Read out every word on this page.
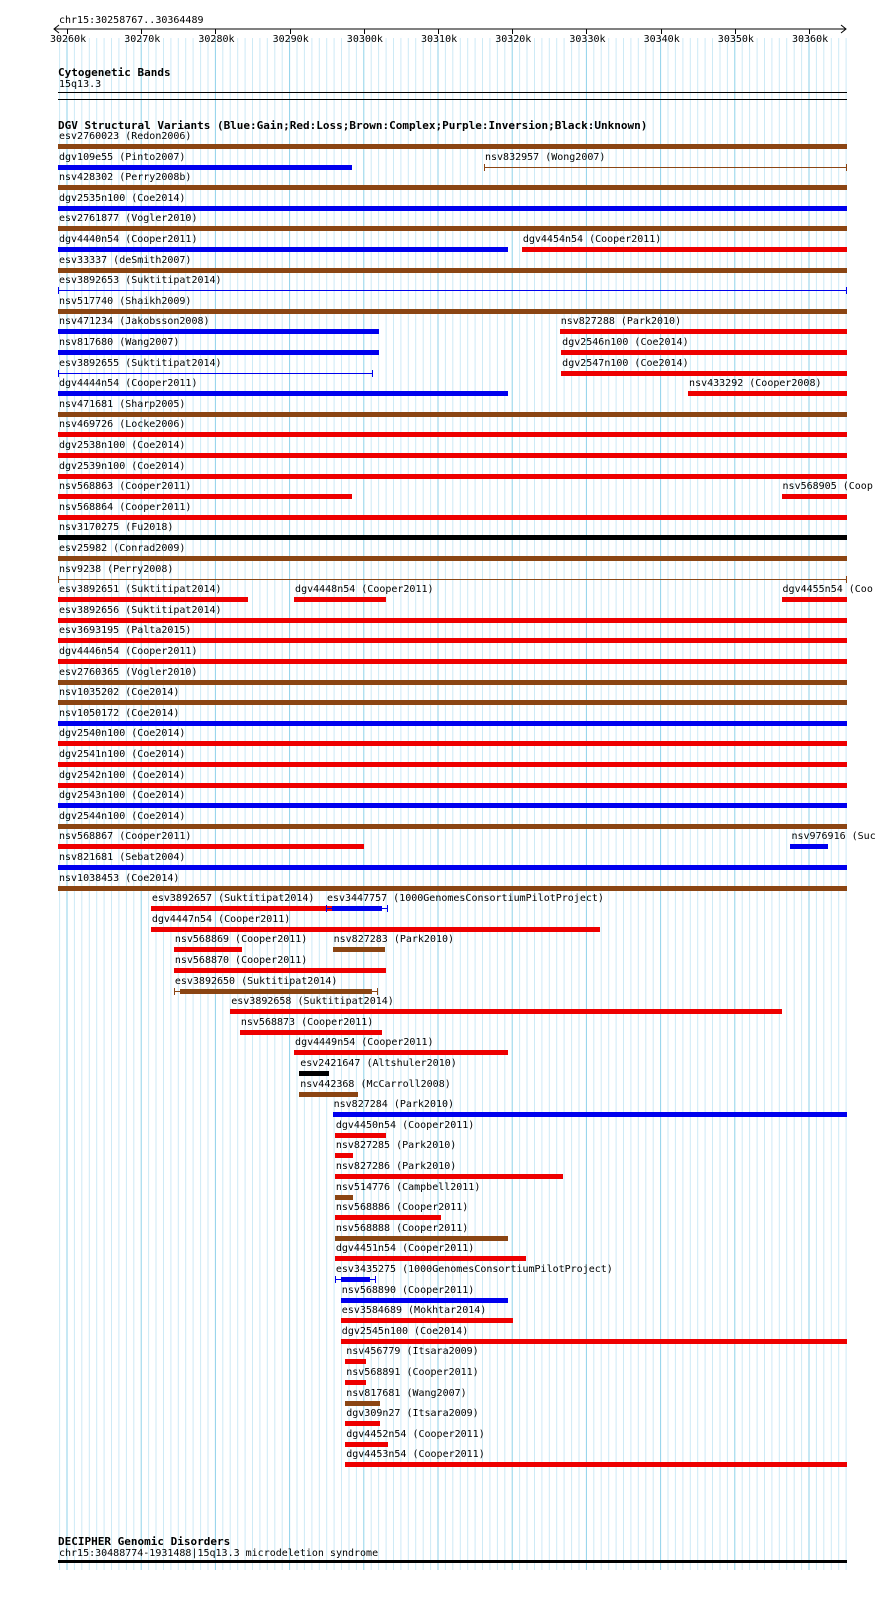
chr15:30258767..30364489
30260k	30270k	30280k	30290k	30300k	30310k	30320k	30330k	30340k	30350k	30360k
Cytogenetic Bands
15q13.3
DGV Structural Variants (Blue:Gain;Red:Loss;Brown:Complex;Purple:Inversion;Black:Unknown)
esv2760023 (Redon2006)
dgv109e55 (Pinto2007)	nsv832957 (Wong2007)
nsv428302 (Perry2008b)
dgv2535n100 (Coe2014)
esv2761877 (Vogler2010)
dgv4440n54 (Cooper2011)	dgv4454n54 (Cooper2011)
esv33337 (deSmith2007)
esv3892653 (Suktitipat2014)
nsv517740 (Shaikh2009)
nsv471234 (Jakobsson2008)	nsv827288 (Park2010)
nsv817680 (Wang2007)	dgv2546n100 (Coe2014)
esv3892655 (Suktitipat2014)	dgv2547n100 (Coe2014)
dgv4444n54 (Cooper2011)	nsv433292 (Cooper2008)
nsv471681 (Sharp2005)
nsv469726 (Locke2006)
dgv2538n100 (Coe2014)
dgv2539n100 (Coe2014)
nsv568863 (Cooper2011)	nsv568905 (Coop
nsv568864 (Cooper2011)
nsv3170275 (Fu2018)
esv25982 (Conrad2009)
nsv9238 (Perry2008)
esv3892651 (Suktitipat2014)	dgv4448n54 (Cooper2011)	dgv4455n54 (Coo
esv3892656 (Suktitipat2014)
esv3693195 (Palta2015)
dgv4446n54 (Cooper2011)
esv2760365 (Vogler2010)
nsv1035202 (Coe2014)
nsv1050172 (Coe2014)
dgv2540n100 (Coe2014)
dgv2541n100 (Coe2014)
dgv2542n100 (Coe2014)
dgv2543n100 (Coe2014)
dgv2544n100 (Coe2014)
nsv568867 (Cooper2011)	nsv976916 (Suc
nsv821681 (Sebat2004)
nsv1038453 (Coe2014)
esv3892657 (Suktitipat2014) esv3447757 (1000GenomesConsortiumPilotProject)
dgv4447n54 (Cooper2011)
nsv568869 (Cooper2011)	nsv827283 (Park2010)
nsv568870 (Cooper2011)
esv3892650 (Suktitipat2014)
esv3892658 (Suktitipat2014)
nsv568873 (Cooper2011)
dgv4449n54 (Cooper2011)
esv2421647 (Altshuler2010)
nsv442368 (McCarroll2008)
nsv827284 (Park2010)
dgv4450n54 (Cooper2011)
nsv827285 (Park2010)
nsv827286 (Park2010)
nsv514776 (Campbell2011)
nsv568886 (Cooper2011)
nsv568888 (Cooper2011)
dgv4451n54 (Cooper2011)
esv3435275 (1000GenomesConsortiumPilotProject)
nsv568890 (Cooper2011)
esv3584689 (Mokhtar2014)
dgv2545n100 (Coe2014)
nsv456779 (Itsara2009)
nsv568891 (Cooper2011)
nsv817681 (Wang2007)
dgv309n27 (Itsara2009)
dgv4452n54 (Cooper2011)
dgv4453n54 (Cooper2011)
DECIPHER Genomic Disorders
chr15:30488774-1931488|15q13.3 microdeletion syndrome
